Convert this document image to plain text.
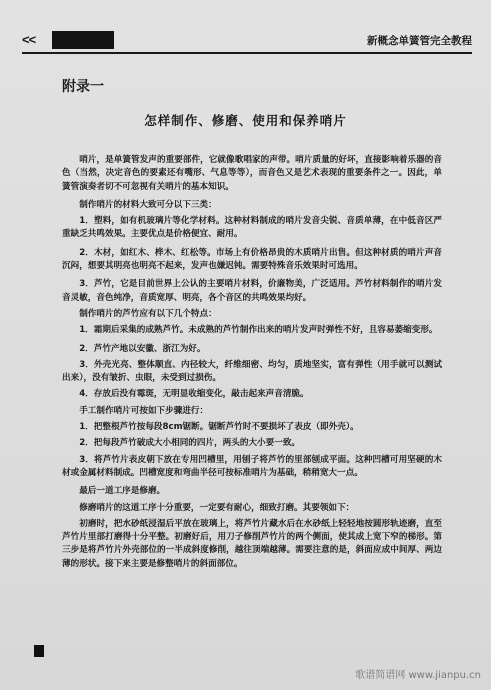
<<	新概念单簧管完全教程
附录一
怎样制作、修磨、使用和保养哨片

哨片，是单簧管发声的重要部件，它就像歌唱家的声带。哨片质量的好坏，直接影响着乐器的音色（当然，决定音色的要素还有嘴形、气息等等），而音色又是艺术表现的重要条件之一。因此，单簧管演奏者切不可忽视有关哨片的基本知识。

制作哨片的材料大致可分以下三类：

1．塑料，如有机玻璃片等化学材料。这种材料制成的哨片发音尖锐、音质单薄，在中低音区严重缺乏共鸣效果。主要优点是价格便宜、耐用。

2．木材，如红木、桦木、红松等。市场上有价格昂贵的木质哨片出售。但这种材质的哨片声音沉闷，想要其明亮也明亮不起来，发声也嫌迟钝。需要特殊音乐效果时可选用。

3．芦竹，它是目前世界上公认的主要哨片材料，价廉物美，广泛适用。芦竹材料制作的哨片发音灵敏，音色纯净，音质宽厚、明亮，各个音区的共鸣效果均好。

制作哨片的芦竹应有以下几个特点：

1．霜期后采集的成熟芦竹。未成熟的芦竹制作出来的哨片发声时弹性不好，且容易萎缩变形。

2．芦竹产地以安徽、浙江为好。

3．外壳光亮、整体顺直、内径较大，纤维细密、均匀，质地坚实，富有弹性（用手就可以测试出来），没有皱折、虫眼，未受到过损伤。

4．存放后没有霉斑，无明显收缩变化，敲击起来声音清脆。

手工制作哨片可按如下步骤进行：

1．把整根芦竹按每段8cm锯断。锯断芦竹时不要损坏了表皮（即外壳）。

2．把每段芦竹破成大小相同的四片，两头的大小要一致。

3．将芦竹片表皮朝下放在专用凹槽里，用刨子将芦竹的里部刨成平面。这种凹槽可用坚硬的木材或金属材料制成。凹槽宽度和弯曲半径可按标准哨片为基础，稍稍宽大一点。

最后一道工序是修磨。

修磨哨片的这道工序十分重要，一定要有耐心，细致打磨。其要领如下：

初磨时，把水砂纸浸湿后平放在玻璃上，将芦竹片藏水后在水砂纸上轻轻地按圆形轨迹磨，直至芦竹片里部打磨得十分平整。初磨好后，用刀子修削芦竹片的两个侧面，使其成上宽下窄的梯形。第三步是将芦竹片外壳部位的一半成斜度修削，越往顶端越薄。需要注意的是，斜面应成中间厚、两边薄的形状。接下来主要是修整哨片的斜面部位。

歌谱简谱网 www.jianpu.cn
